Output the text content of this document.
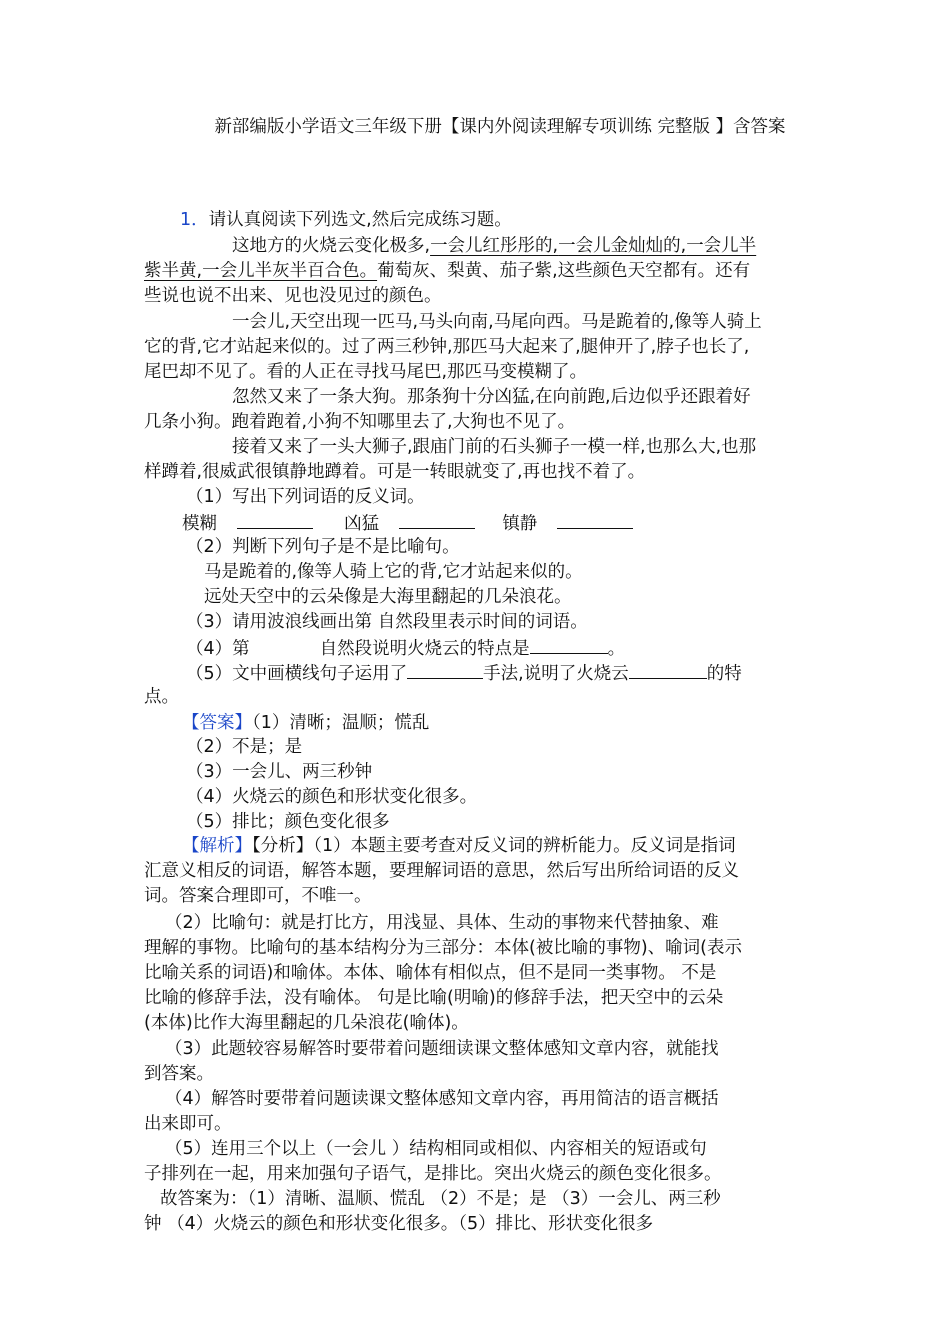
新部编版小学语文三年级下册【课内外阅读理解专项训练 完整版 】含答案
1．请认真阅读下列选文,然后完成练习题。
这地方的火烧云变化极多,一会儿红彤彤的,一会儿金灿灿的,一会儿半
紫半黄,一会儿半灰半百合色。葡萄灰、梨黄、茄子紫,这些颜色天空都有。还有
些说也说不出来、见也没见过的颜色。
一会儿,天空出现一匹马,马头向南,马尾向西。马是跪着的,像等人骑上
它的背,它才站起来似的。过了两三秒钟,那匹马大起来了,腿伸开了,脖子也长了,
尾巴却不见了。看的人正在寻找马尾巴,那匹马变模糊了。
忽然又来了一条大狗。那条狗十分凶猛,在向前跑,后边似乎还跟着好
几条小狗。跑着跑着,小狗不知哪里去了,大狗也不见了。
接着又来了一头大狮子,跟庙门前的石头狮子一模一样,也那么大,也那
样蹲着,很威武很镇静地蹲着。可是一转眼就变了,再也找不着了。
（1）写出下列词语的反义词。
模糊	凶猛	镇静
（2）判断下列句子是不是比喻句。
马是跪着的,像等人骑上它的背,它才站起来似的。
远处天空中的云朵像是大海里翻起的几朵浪花。
（3）请用波浪线画出第 自然段里表示时间的词语。
（4）第	自然段说明火烧云的特点是	。
（5）文中画横线句子运用了	手法,说明了火烧云	的特
点。
【答案】（1）清晰；温顺；慌乱
（2）不是；是
（3）一会儿、两三秒钟
（4）火烧云的颜色和形状变化很多。
（5）排比；颜色变化很多
【解析】【分析】（1）本题主要考查对反义词的辨析能力。反义词是指词
汇意义相反的词语，解答本题，要理解词语的意思，然后写出所给词语的反义
词。答案合理即可，不唯一。
（2）比喻句：就是打比方，用浅显、具体、生动的事物来代替抽象、难
理解的事物。比喻句的基本结构分为三部分：本体(被比喻的事物)、喻词(表示
比喻关系的词语)和喻体。本体、喻体有相似点，但不是同一类事物。 不是
比喻的修辞手法，没有喻体。 句是比喻(明喻)的修辞手法，把天空中的云朵
(本体)比作大海里翻起的几朵浪花(喻体)。
（3）此题较容易解答时要带着问题细读课文整体感知文章内容，就能找
到答案。
（4）解答时要带着问题读课文整体感知文章内容，再用简洁的语言概括
出来即可。
（5）连用三个以上（一会儿 ）结构相同或相似、内容相关的短语或句
子排列在一起，用来加强句子语气，是排比。突出火烧云的颜色变化很多。
故答案为：（1）清晰、温顺、慌乱 （2）不是；是 （3）一会儿、两三秒
钟 （4）火烧云的颜色和形状变化很多。（5）排比、形状变化很多
